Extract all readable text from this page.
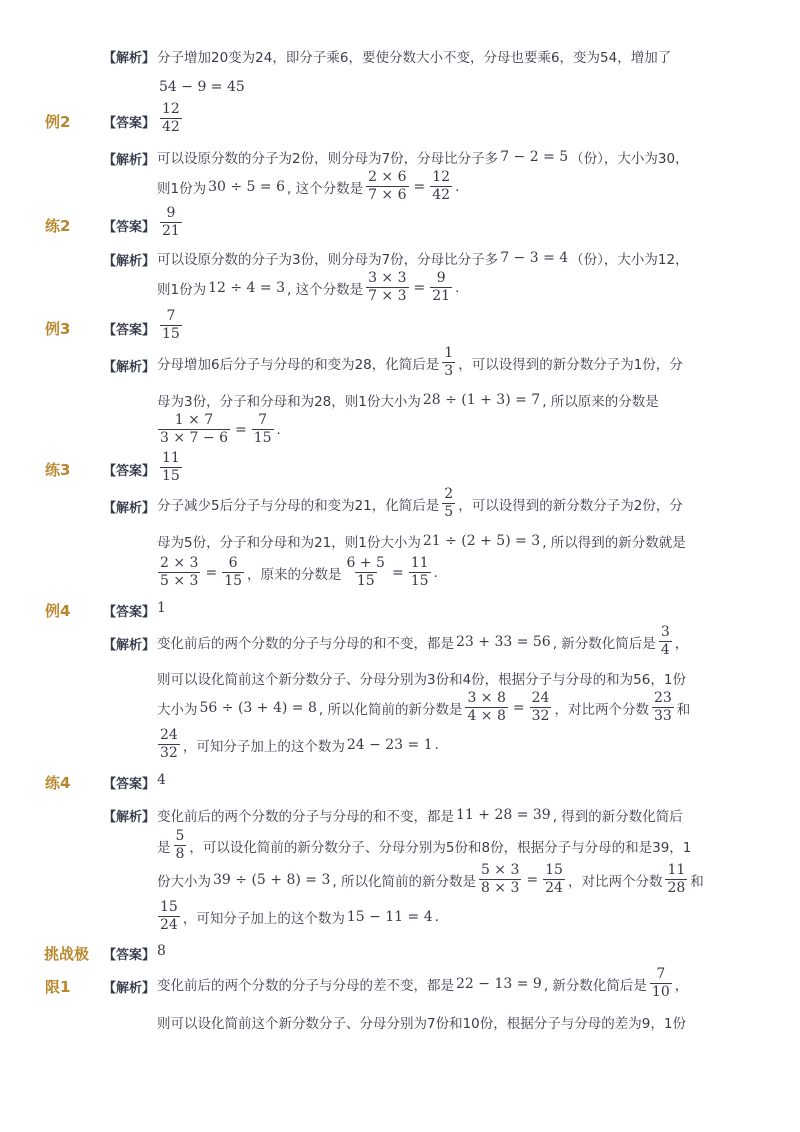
【 解析 】	分子增加20变为24，即分子乘6，要使分数大小不变，分母也要乘6，变为54，增加了
54 − 9 = 45
例2	【 答案 】	$\frac{12}{42}$
【 解析 】	可以设原分数的分子为2份，则分母为7份，分母比分子多 7 − 2 = 5 （份），大小为30，
则1份为 30 ÷ 5 = 6 , 这个分数是 $\frac{2 \times 6}{7 \times 6} = \frac{12}{42}$ .
练2	【 答案 】	$\frac{9}{21}$
【 解析 】	可以设原分数的分子为3份，则分母为7份，分母比分子多 7 − 3 = 4 （份），大小为12，
则1份为 12 ÷ 4 = 3 , 这个分数是 $\frac{3 \times 3}{7 \times 3} = \frac{9}{21}$ .
例3	【 答案 】	$\frac{7}{15}$
【 解析 】	分母增加6后分子与分母的和变为28，化简后是 $\frac{1}{3}$ ，可以设得到的新分数分子为1份，分
母为3份，分子和分母和为28，则1份大小为 28 ÷ (1 + 3) = 7 , 所以原来的分数是
$\frac{1 \times 7}{3 \times 7 - 6} = \frac{7}{15}$ .
练3	【 答案 】	$\frac{11}{15}$
【 解析 】	分子减少5后分子与分母的和变为21，化简后是 $\frac{2}{5}$ ，可以设得到的新分数分子为2份，分
母为5份，分子和分母和为21，则1份大小为 21 ÷ (2 + 5) = 3 , 所以得到的新分数就是
$\frac{2 \times 3}{5 \times 3} = \frac{6}{15}$ ，原来的分数是 $\frac{6 + 5}{15} = \frac{11}{15}$ .
例4	【 答案 】	1
【 解析 】	变化前后的两个分数的分子与分母的和不变，都是 23 + 33 = 56 , 新分数化简后是 $\frac{3}{4}$ ，
则可以设化简前这个新分数分子、分母分别为3份和4份，根据分子与分母的和为56，1份
大小为 56 ÷ (3 + 4) = 8 , 所以化简前的新分数是 $\frac{3 \times 8}{4 \times 8} = \frac{24}{32}$ ，对比两个分数 $\frac{23}{33}$ 和
$\frac{24}{32}$ ，可知分子加上的这个数为 24 − 23 = 1 .
练4	【 答案 】	4
【 解析 】	变化前后的两个分数的分子与分母的和不变，都是 11 + 28 = 39 , 得到的新分数化简后
是 $\frac{5}{8}$ ，可以设化简前的新分数分子、分母分别为5份和8份，根据分子与分母的和是39，1
份大小为 39 ÷ (5 + 8) = 3 , 所以化简前的新分数是 $\frac{5 \times 3}{8 \times 3} = \frac{15}{24}$ ，对比两个分数 $\frac{11}{28}$ 和
$\frac{15}{24}$ ，可知分子加上的这个数为 15 − 11 = 4 .
挑战极	【 答案 】	8
限1	【 解析 】	变化前后的两个分数的分子与分母的差不变，都是 22 − 13 = 9 , 新分数化简后是 $\frac{7}{10}$ ，
则可以设化简前这个新分数分子、分母分别为7份和10份，根据分子与分母的差为9，1份
